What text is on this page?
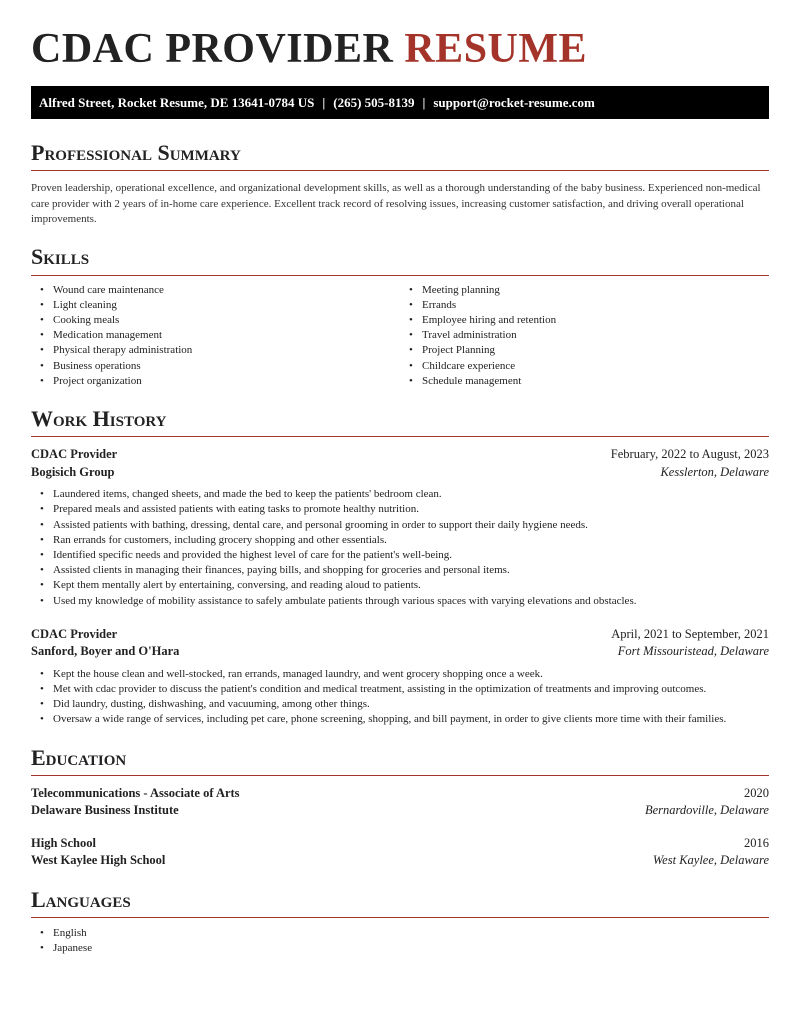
CDAC PROVIDER RESUME
Alfred Street, Rocket Resume, DE 13641-0784 US | (265) 505-8139 | support@rocket-resume.com
Professional Summary

Proven leadership, operational excellence, and organizational development skills, as well as a thorough understanding of the baby business. Experienced non-medical care provider with 2 years of in-home care experience. Excellent track record of resolving issues, increasing customer satisfaction, and driving overall operational improvements.

Skills
• Wound care maintenance
• Light cleaning
• Cooking meals
• Medication management
• Physical therapy administration
• Business operations
• Project organization
• Meeting planning
• Errands
• Employee hiring and retention
• Travel administration
• Project Planning
• Childcare experience
• Schedule management
Work History
CDAC Provider	February, 2022 to August, 2023
Bogisich Group	Kesslerton, Delaware
• Laundered items, changed sheets, and made the bed to keep the patients' bedroom clean.
• Prepared meals and assisted patients with eating tasks to promote healthy nutrition.
• Assisted patients with bathing, dressing, dental care, and personal grooming in order to support their daily hygiene needs.
• Ran errands for customers, including grocery shopping and other essentials.
• Identified specific needs and provided the highest level of care for the patient's well-being.
• Assisted clients in managing their finances, paying bills, and shopping for groceries and personal items.
• Kept them mentally alert by entertaining, conversing, and reading aloud to patients.
• Used my knowledge of mobility assistance to safely ambulate patients through various spaces with varying elevations and obstacles.
CDAC Provider	April, 2021 to September, 2021
Sanford, Boyer and O'Hara	Fort Missouristead, Delaware
• Kept the house clean and well-stocked, ran errands, managed laundry, and went grocery shopping once a week.
• Met with cdac provider to discuss the patient's condition and medical treatment, assisting in the optimization of treatments and improving outcomes.
• Did laundry, dusting, dishwashing, and vacuuming, among other things.
• Oversaw a wide range of services, including pet care, phone screening, shopping, and bill payment, in order to give clients more time with their families.
Education
Telecommunications - Associate of Arts	2020
Delaware Business Institute	Bernardoville, Delaware
High School	2016
West Kaylee High School	West Kaylee, Delaware
Languages
• English
• Japanese
